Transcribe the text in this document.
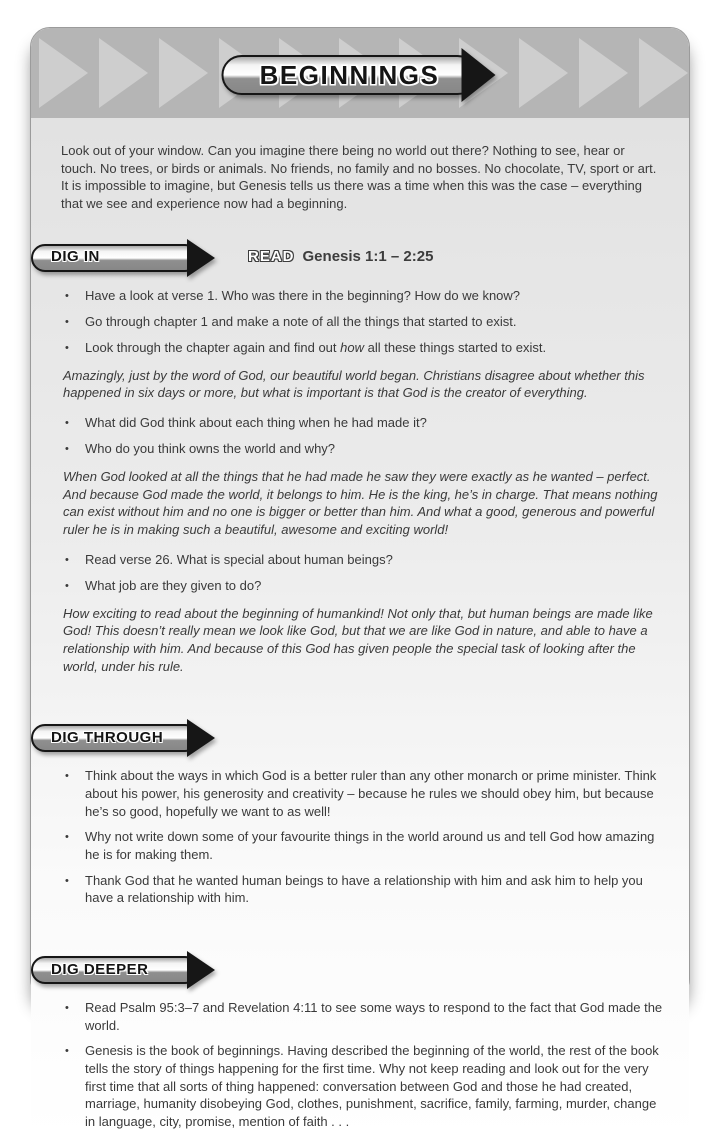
BEGINNINGS

Look out of your window. Can you imagine there being no world out there? Nothing to see, hear or touch. No trees, or birds or animals. No friends, no family and no bosses. No chocolate, TV, sport or art. It is impossible to imagine, but Genesis tells us there was a time when this was the case – everything that we see and experience now had a beginning.

DIG IN	READ Genesis 1:1 – 2:25
•	Have a look at verse 1. Who was there in the beginning? How do we know?
•	Go through chapter 1 and make a note of all the things that started to exist.
•	Look through the chapter again and find out how all these things started to exist.

Amazingly, just by the word of God, our beautiful world began. Christians disagree about whether this happened in six days or more, but what is important is that God is the creator of everything.

•	What did God think about each thing when he had made it?
•	Who do you think owns the world and why?

When God looked at all the things that he had made he saw they were exactly as he wanted – perfect. And because God made the world, it belongs to him. He is the king, he’s in charge. That means nothing can exist without him and no one is bigger or better than him. And what a good, generous and powerful ruler he is in making such a beautiful, awesome and exciting world!

•	Read verse 26. What is special about human beings?
•	What job are they given to do?

How exciting to read about the beginning of humankind! Not only that, but human beings are made like God! This doesn’t really mean we look like God, but that we are like God in nature, and able to have a relationship with him. And because of this God has given people the special task of looking after the world, under his rule.

DIG THROUGH
•	Think about the ways in which God is a better ruler than any other monarch or prime minister. Think about his power, his generosity and creativity – because he rules we should obey him, but because he’s so good, hopefully we want to as well!
•	Why not write down some of your favourite things in the world around us and tell God how amazing he is for making them.
•	Thank God that he wanted human beings to have a relationship with him and ask him to help you have a relationship with him.
DIG DEEPER
•	Read Psalm 95:3–7 and Revelation 4:11 to see some ways to respond to the fact that God made the world.
•	Genesis is the book of beginnings. Having described the beginning of the world, the rest of the book tells the story of things happening for the first time. Why not keep reading and look out for the very first time that all sorts of thing happened: conversation between God and those he had created, marriage, humanity disobeying God, clothes, punishment, sacrifice, family, farming, murder, change in language, city, promise, mention of faith . . .
